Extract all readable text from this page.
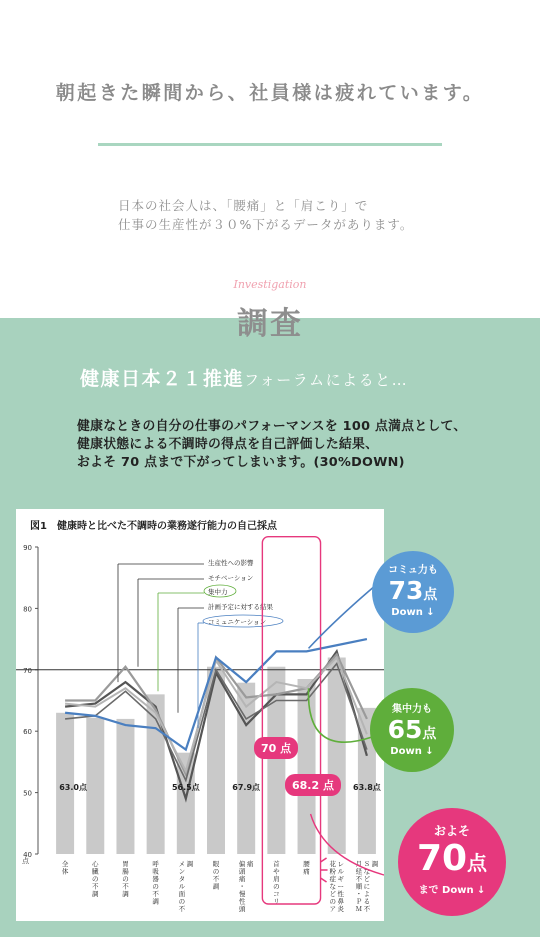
朝起きた瞬間から、社員様は疲れています。
日本の社会人は、「腰痛」と「肩こり」で
仕事の生産性が３０%下がるデータがあります。
Investigation
調査
健康日本２１推進フォーラムによると…
健康なときの自分の仕事のパフォーマンスを 100 点満点として、
健康状態による不調時の得点を自己評価した結果、
およそ 70 点まで下がってしまいます。(30%DOWN)
図1　健康時と比べた不調時の業務遂行能力の自己採点
40
50
60
70
80
90
点
63.0点	56.5点	67.9点	63.8点
生産性への影響
モチベーション
集中力
計画予定に対する結果
コミュニケーション
全
体
心
臓
の
不
調
胃
腸
の
不
調
呼
吸
器
の
不
調
メ
ン
タ
ル
面
の
不
調	眼
の
不
調
偏
頭
痛
・
慢
性
頭
痛	首
や
肩
の
コ
リ
腰
痛
花
粉
症
な
ど
の
ア
レ
ル
ギ
ー
性
鼻
炎
月
経
不
順
・
Ｐ
Ｍ
Ｓ
な
ど
に
よ
る
不
調
コミュ力も
73点
Down ↓
集中力も
65点
Down ↓
およそ
70点
まで Down ↓
70 点
68.2 点
